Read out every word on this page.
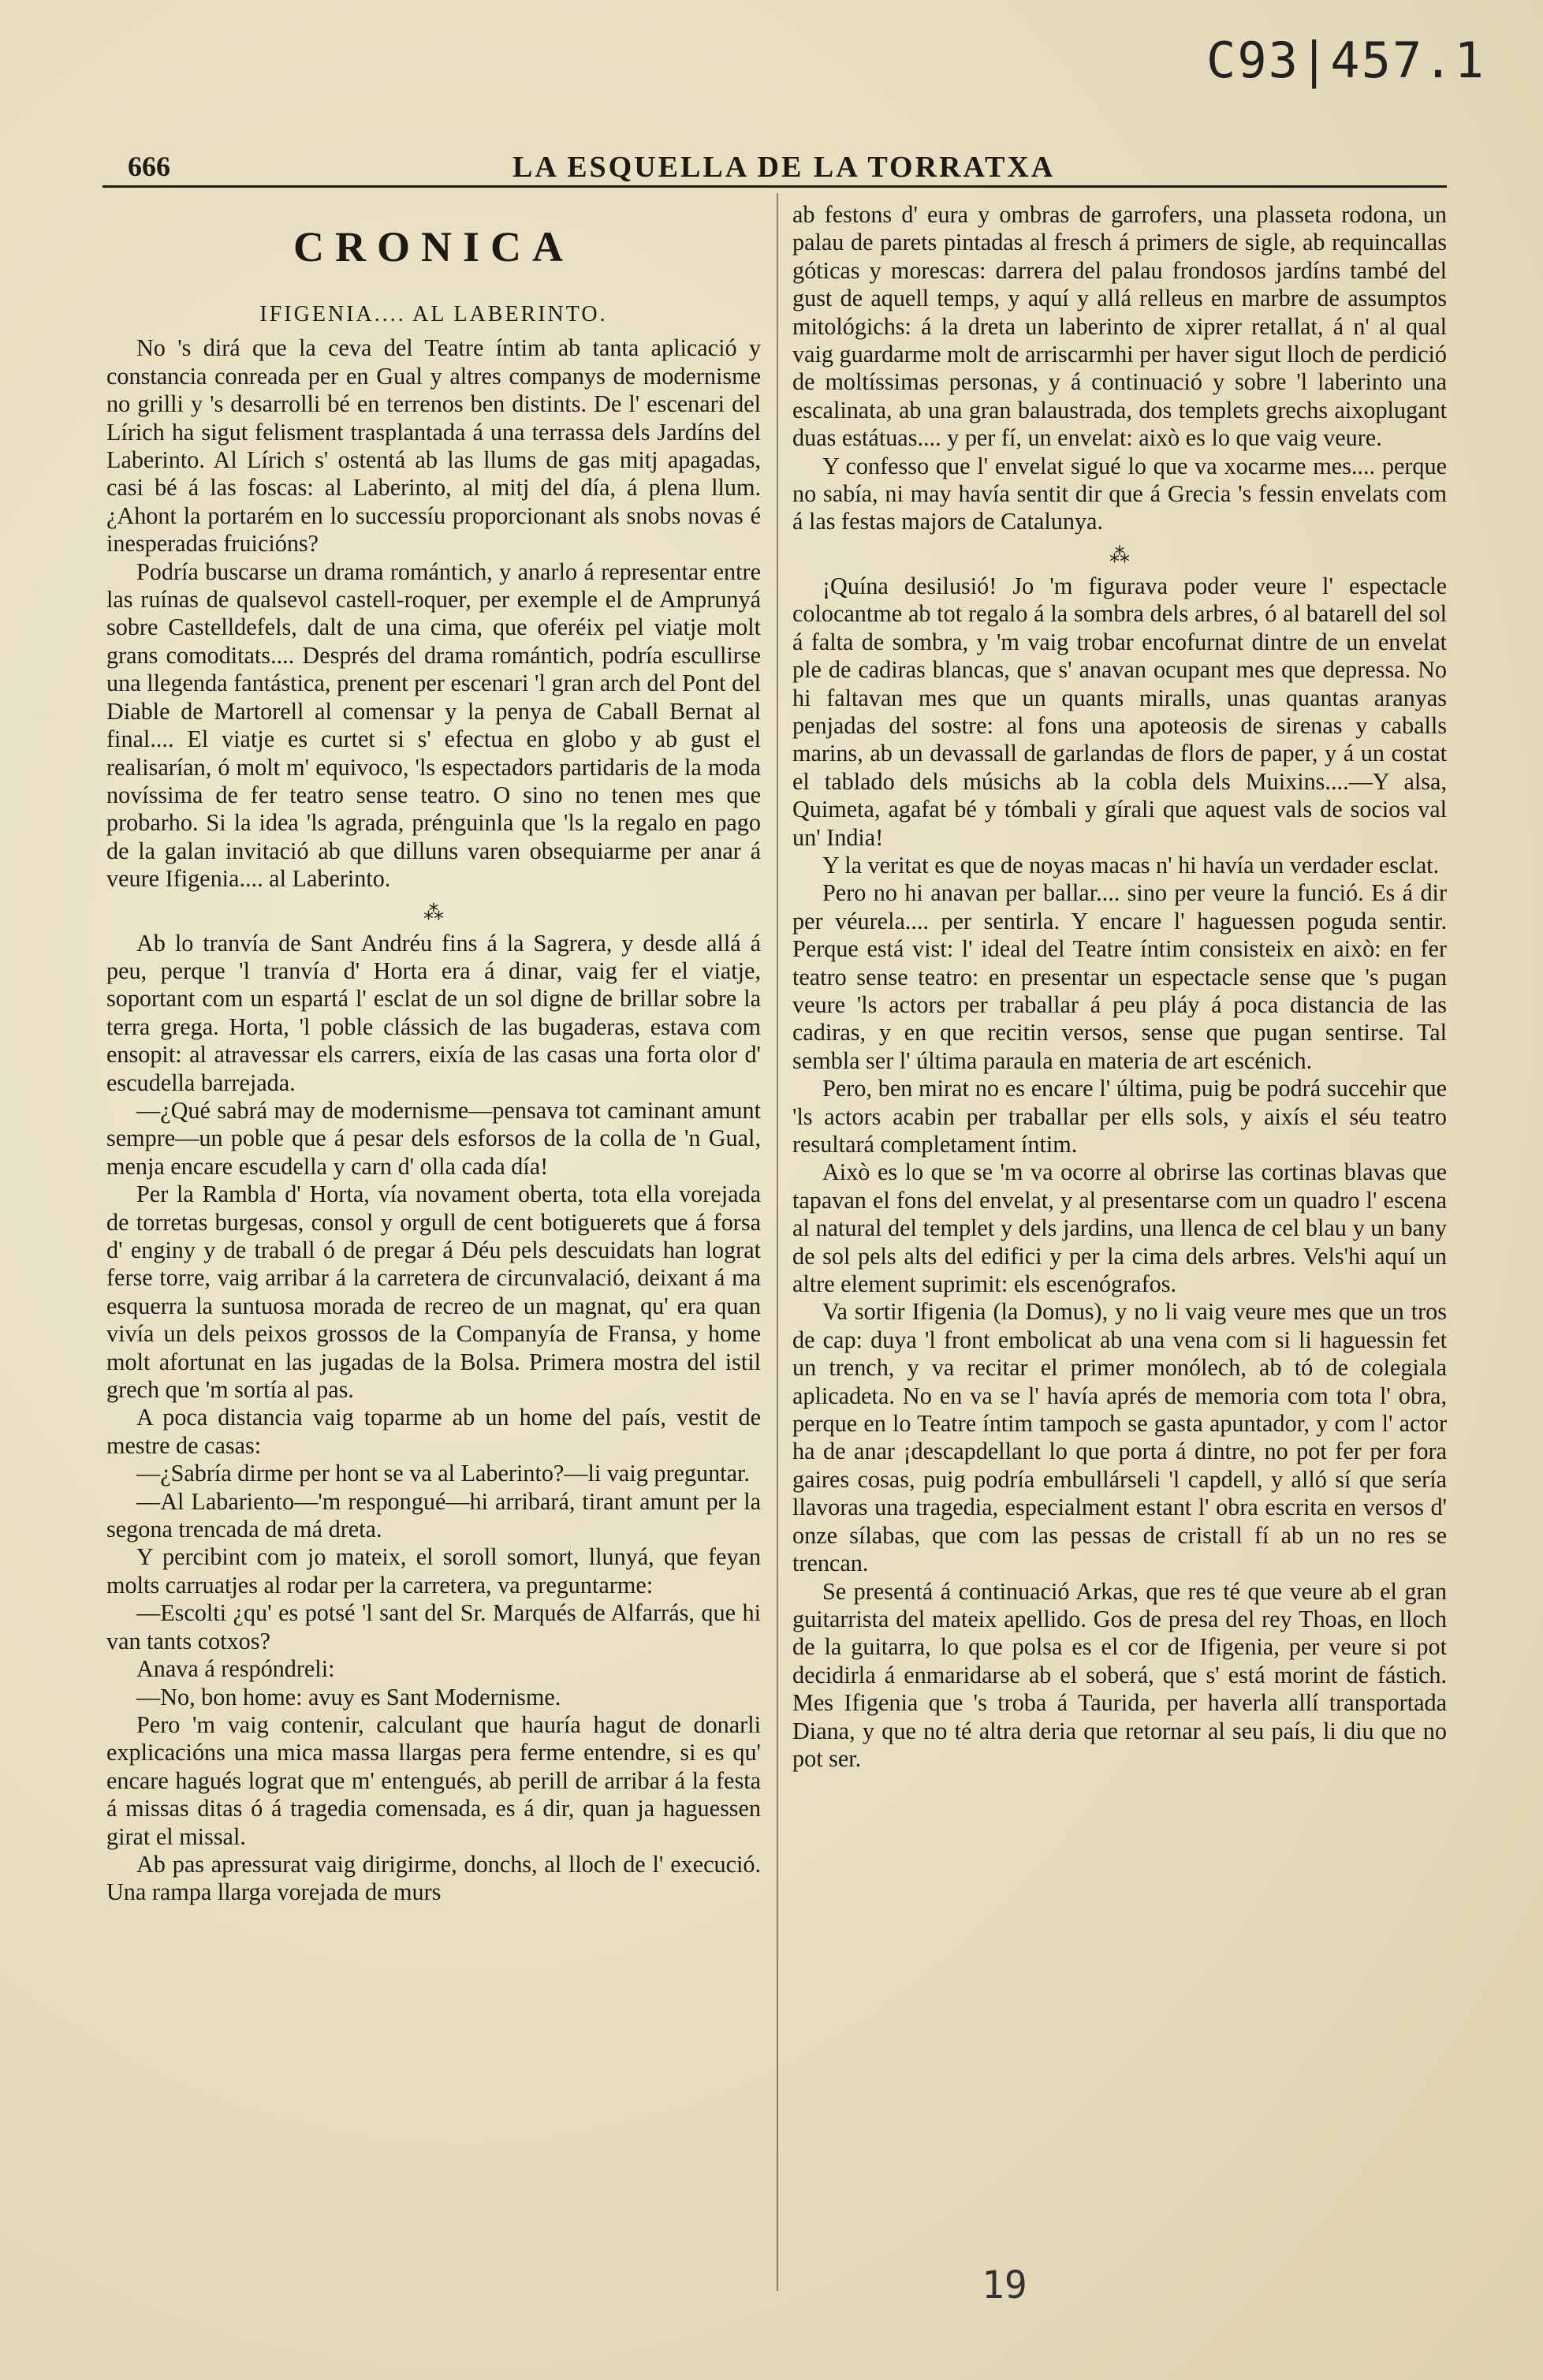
C93|457.1
666	LA ESQUELLA DE LA TORRATXA
CRONICA
IFIGENIA.... AL LABERINTO.

No 's dirá que la ceva del Teatre íntim ab tanta aplicació y constancia conreada per en Gual y altres companys de modernisme no grilli y 's desarrolli bé en terrenos ben distints. De l' escenari del Lírich ha sigut felisment trasplantada á una terrassa dels Jardíns del Laberinto. Al Lírich s' ostentá ab las llums de gas mitj apagadas, casi bé á las foscas: al Laberinto, al mitj del día, á plena llum. ¿Ahont la portarém en lo successíu proporcionant als snobs novas é inesperadas fruicións?

Podría buscarse un drama romántich, y anarlo á representar entre las ruínas de qualsevol castell-roquer, per exemple el de Amprunyá sobre Castelldefels, dalt de una cima, que oferéix pel viatje molt grans comoditats.... Després del drama romántich, podría escullirse una llegenda fantástica, prenent per escenari 'l gran arch del Pont del Diable de Martorell al comensar y la penya de Caball Bernat al final.... El viatje es curtet si s' efectua en globo y ab gust el realisarían, ó molt m' equivoco, 'ls espectadors partidaris de la moda novíssima de fer teatro sense teatro. O sino no tenen mes que probarho. Si la idea 'ls agrada, prénguinla que 'ls la regalo en pago de la galan invitació ab que dilluns varen obsequiarme per anar á veure Ifigenia.... al Laberinto.

⁂

Ab lo tranvía de Sant Andréu fins á la Sagrera, y desde allá á peu, perque 'l tranvía d' Horta era á dinar, vaig fer el viatje, soportant com un espartá l' esclat de un sol digne de brillar sobre la terra grega. Horta, 'l poble clássich de las bugaderas, estava com ensopit: al atravessar els carrers, eixía de las casas una forta olor d' escudella barrejada.

—¿Qué sabrá may de modernisme—pensava tot caminant amunt sempre—un poble que á pesar dels esforsos de la colla de 'n Gual, menja encare escudella y carn d' olla cada día!

Per la Rambla d' Horta, vía novament oberta, tota ella vorejada de torretas burgesas, consol y orgull de cent botiguerets que á forsa d' enginy y de traball ó de pregar á Déu pels descuidats han lograt ferse torre, vaig arribar á la carretera de circunvalació, deixant á ma esquerra la suntuosa morada de recreo de un magnat, qu' era quan vivía un dels peixos grossos de la Companyía de Fransa, y home molt afortunat en las jugadas de la Bolsa. Primera mostra del istil grech que 'm sortía al pas.

A poca distancia vaig toparme ab un home del país, vestit de mestre de casas:

—¿Sabría dirme per hont se va al Laberinto?—li vaig preguntar.

—Al Labariento—'m respongué—hi arribará, tirant amunt per la segona trencada de má dreta.

Y percibint com jo mateix, el soroll somort, llunyá, que feyan molts carruatjes al rodar per la carretera, va preguntarme:

—Escolti ¿qu' es potsé 'l sant del Sr. Marqués de Alfarrás, que hi van tants cotxos?

Anava á respóndreli:

—No, bon home: avuy es Sant Modernisme.

Pero 'm vaig contenir, calculant que hauría hagut de donarli explicacións una mica massa llargas pera ferme entendre, si es qu' encare hagués lograt que m' entengués, ab perill de arribar á la festa á missas ditas ó á tragedia comensada, es á dir, quan ja haguessen girat el missal.

Ab pas apressurat vaig dirigirme, donchs, al lloch de l' execució. Una rampa llarga vorejada de murs

ab festons d' eura y ombras de garrofers, una plasseta rodona, un palau de parets pintadas al fresch á primers de sigle, ab requincallas góticas y morescas: darrera del palau frondosos jardíns també del gust de aquell temps, y aquí y allá relleus en marbre de assumptos mitológichs: á la dreta un laberinto de xiprer retallat, á n' al qual vaig guardarme molt de arriscarmhi per haver sigut lloch de perdició de moltíssimas personas, y á continuació y sobre 'l laberinto una escalinata, ab una gran balaustrada, dos templets grechs aixoplugant duas estátuas.... y per fí, un envelat: això es lo que vaig veure.

Y confesso que l' envelat sigué lo que va xocarme mes.... perque no sabía, ni may havía sentit dir que á Grecia 's fessin envelats com á las festas majors de Catalunya.

⁂

¡Quína desilusió! Jo 'm figurava poder veure l' espectacle colocantme ab tot regalo á la sombra dels arbres, ó al batarell del sol á falta de sombra, y 'm vaig trobar encofurnat dintre de un envelat ple de cadiras blancas, que s' anavan ocupant mes que depressa. No hi faltavan mes que un quants miralls, unas quantas aranyas penjadas del sostre: al fons una apoteosis de sirenas y caballs marins, ab un devassall de garlandas de flors de paper, y á un costat el tablado dels músichs ab la cobla dels Muixins....—Y alsa, Quimeta, agafat bé y tómbali y gírali que aquest vals de socios val un' India!

Y la veritat es que de noyas macas n' hi havía un verdader esclat.

Pero no hi anavan per ballar.... sino per veure la funció. Es á dir per véurela.... per sentirla. Y encare l' haguessen poguda sentir. Perque está vist: l' ideal del Teatre íntim consisteix en això: en fer teatro sense teatro: en presentar un espectacle sense que 's pugan veure 'ls actors per traballar á peu pláy á poca distancia de las cadiras, y en que recitin versos, sense que pugan sentirse. Tal sembla ser l' última paraula en materia de art escénich.

Pero, ben mirat no es encare l' última, puig be podrá succehir que 'ls actors acabin per traballar per ells sols, y aixís el séu teatro resultará completament íntim.

Això es lo que se 'm va ocorre al obrirse las cortinas blavas que tapavan el fons del envelat, y al presentarse com un quadro l' escena al natural del templet y dels jardins, una llenca de cel blau y un bany de sol pels alts del edifici y per la cima dels arbres. Vels'hi aquí un altre element suprimit: els escenógrafos.

Va sortir Ifigenia (la Domus), y no li vaig veure mes que un tros de cap: duya 'l front embolicat ab una vena com si li haguessin fet un trench, y va recitar el primer monólech, ab tó de colegiala aplicadeta. No en va se l' havía aprés de memoria com tota l' obra, perque en lo Teatre íntim tampoch se gasta apuntador, y com l' actor ha de anar ¡descapdellant lo que porta á dintre, no pot fer per fora gaires cosas, puig podría embullárseli 'l capdell, y alló sí que sería llavoras una tragedia, especialment estant l' obra escrita en versos d' onze sílabas, que com las pessas de cristall fí ab un no res se trencan.

Se presentá á continuació Arkas, que res té que veure ab el gran guitarrista del mateix apellido. Gos de presa del rey Thoas, en lloch de la guitarra, lo que polsa es el cor de Ifigenia, per veure si pot decidirla á enmaridarse ab el soberá, que s' está morint de fástich. Mes Ifigenia que 's troba á Taurida, per haverla allí transportada Diana, y que no té altra deria que retornar al seu país, li diu que no pot ser.

19
